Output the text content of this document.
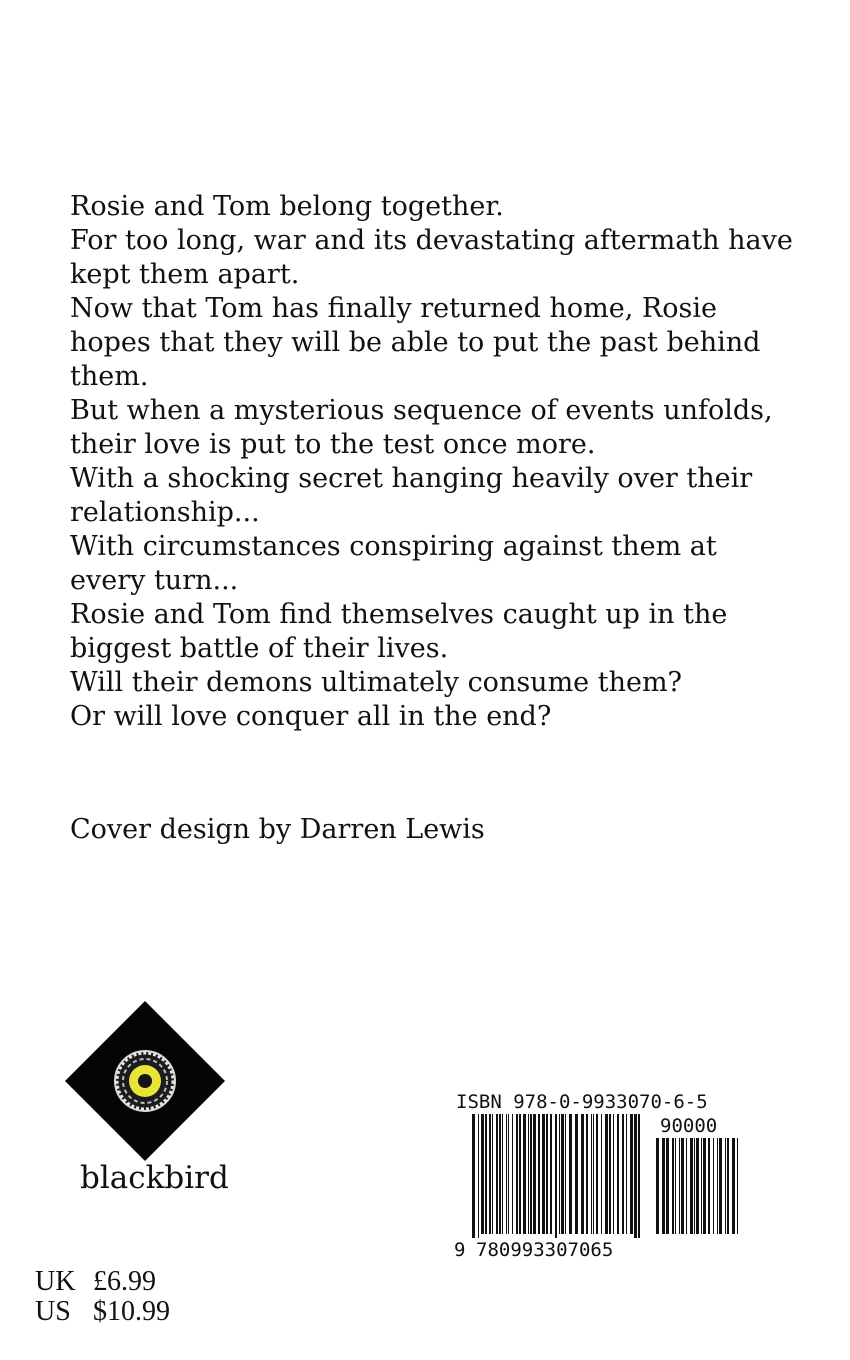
Rosie and Tom belong together.

For too long, war and its devastating aftermath have kept them apart.

Now that Tom has finally returned home, Rosie hopes that they will be able to put the past behind them.

But when a mysterious sequence of events unfolds, their love is put to the test once more.

With a shocking secret hanging heavily over their relationship...

With circumstances conspiring against them at every turn...

Rosie and Tom find themselves caught up in the biggest battle of their lives.

Will their demons ultimately consume them?

Or will love conquer all in the end?

Cover design by Darren Lewis
blackbird
ISBN 978-0-9933070-6-5
90000
9 780993307065
UK £6.99
US $10.99
